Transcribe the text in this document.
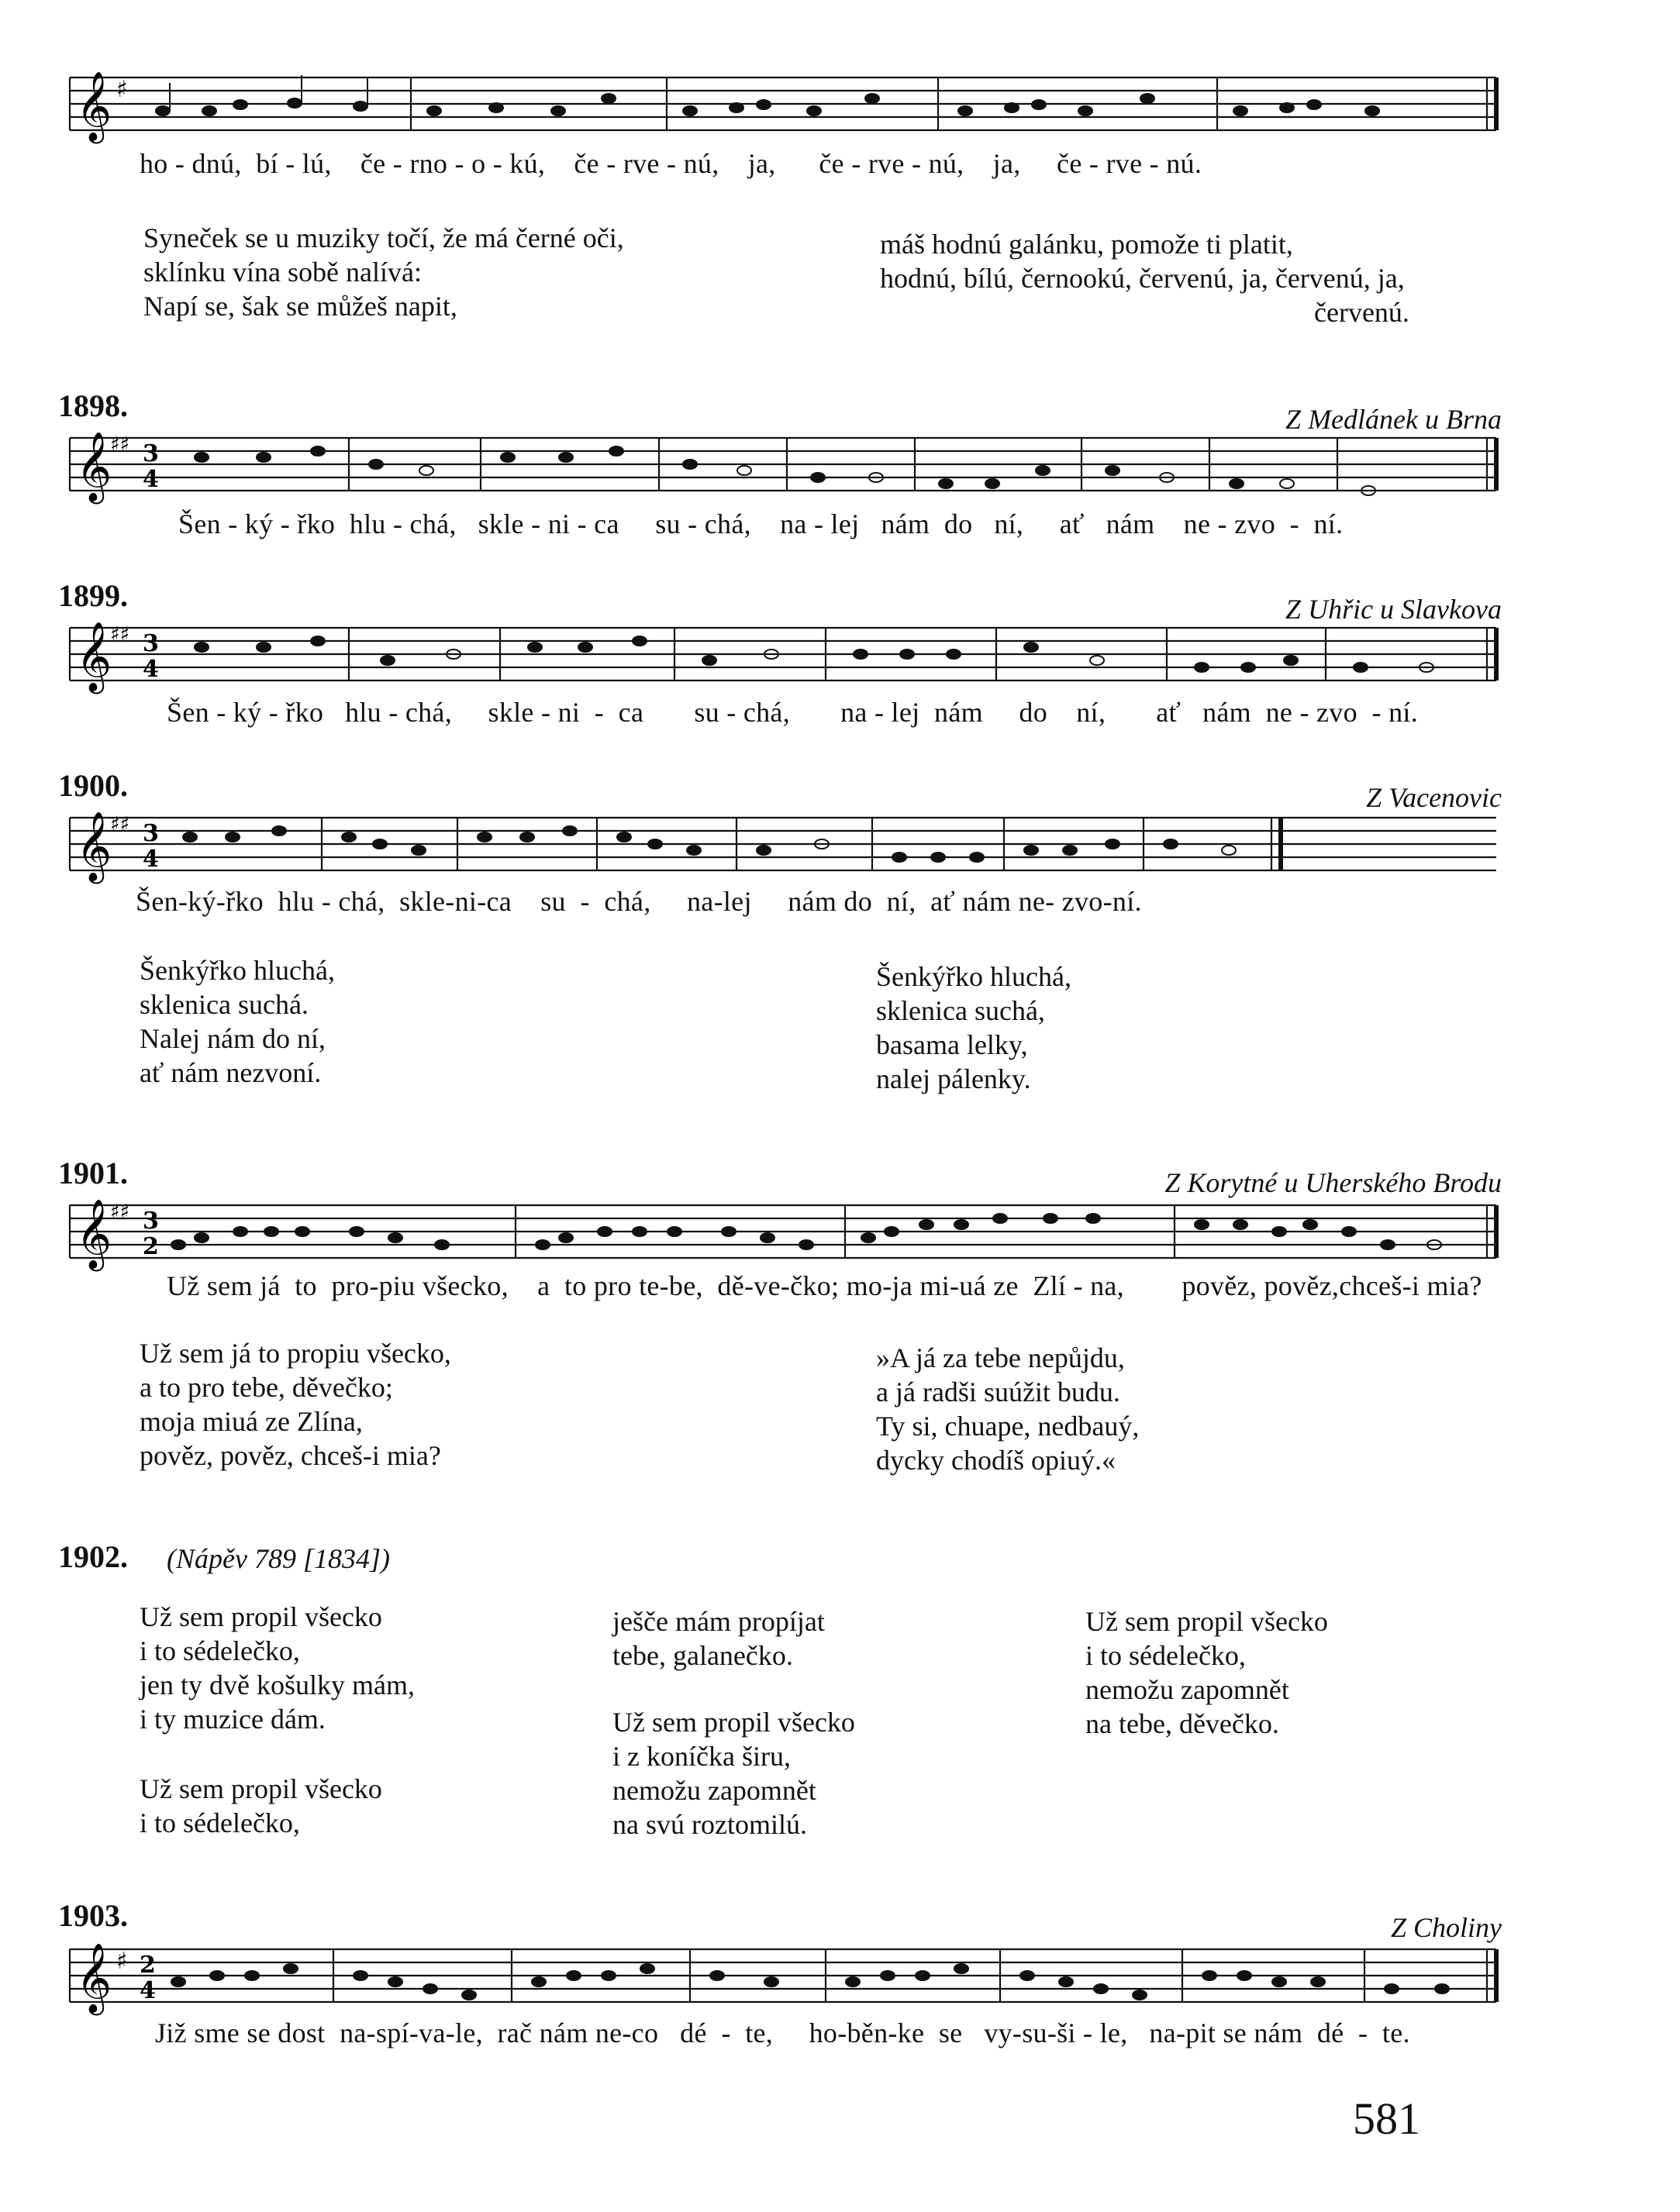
𝄞 ♯
ho - dnú,  bí - lú,    če - rno - o - kú,    če - rve - nú,    ja,      če - rve - nú,    ja,     če - rve - nú.
Syneček se u muziky točí, že má černé oči,
sklínku vína sobě nalívá:
Napí se, šak se můžeš napit,
máš hodnú galánku, pomože ti platit,
hodnú, bílú, černookú, červenú, ja, červenú, ja,
červenú.
1898.	Z Medlánek u Brna
𝄞
♯♯ 3
4
Šen - ký - řko  hlu - chá,   skle - ni - ca     su - chá,    na - lej   nám  do   ní,     ať   nám    ne - zvo  -  ní.
1899.	Z Uhřic u Slavkova
𝄞
♯♯ 3
4
Šen - ký - řko   hlu - chá,     skle - ni  -  ca       su - chá,       na - lej  nám     do    ní,       ať   nám  ne - zvo  - ní.
1900.	Z Vacenovic
𝄞
♯♯ 3
4
Šen-ký-řko  hlu - chá,  skle-ni-ca    su  -  chá,     na-lej     nám do  ní,  ať nám ne- zvo-ní.
Šenkýřko hluchá,
sklenica suchá.
Nalej nám do ní,
ať nám nezvoní.
Šenkýřko hluchá,
sklenica suchá,
basama lelky,
nalej pálenky.
1901.	Z Korytné u Uherského Brodu
𝄞
♯♯ 3
2
Už sem já  to  pro-piu všecko,    a  to pro te-be,  dě-ve-čko; mo-ja mi-uá ze  Zlí - na,        pověz, pověz,chceš-i mia?
Už sem já to propiu všecko,
a to pro tebe, děvečko;
moja miuá ze Zlína,
pověz, pověz, chceš-i mia?
»A já za tebe nepůjdu,
a já radši suúžit budu.
Ty si, chuape, nedbauý,
dycky chodíš opiuý.«
1902. (Nápěv 789 [1834])
Už sem propil všecko
i to sédelečko,
jen ty dvě košulky mám,
i ty muzice dám.
Už sem propil všecko
i to sédelečko,
ješče mám propíjat
tebe, galanečko.
Už sem propil všecko
i z koníčka širu,
nemožu zapomnět
na svú roztomilú.
Už sem propil všecko
i to sédelečko,
nemožu zapomnět
na tebe, děvečko.
1903.	Z Choliny
𝄞 ♯ 2
4
Již sme se dost  na-spí-va-le,  rač nám ne-co   dé  -  te,     ho-běn-ke  se   vy-su-ši - le,   na-pit se nám  dé  -  te.
581
